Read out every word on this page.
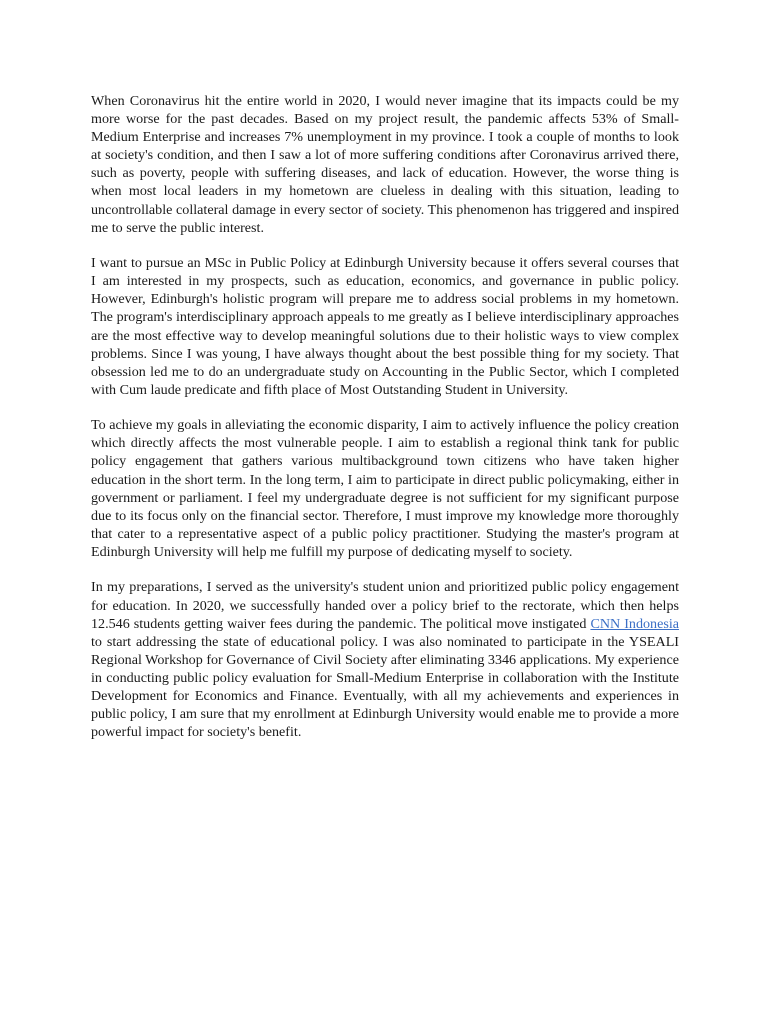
When Coronavirus hit the entire world in 2020, I would never imagine that its impacts could be my more worse for the past decades. Based on my project result, the pandemic affects 53% of Small-Medium Enterprise and increases 7% unemployment in my province. I took a couple of months to look at society's condition, and then I saw a lot of more suffering conditions after Coronavirus arrived there, such as poverty, people with suffering diseases, and lack of education. However, the worse thing is when most local leaders in my hometown are clueless in dealing with this situation, leading to uncontrollable collateral damage in every sector of society. This phenomenon has triggered and inspired me to serve the public interest.

I want to pursue an MSc in Public Policy at Edinburgh University because it offers several courses that I am interested in my prospects, such as education, economics, and governance in public policy. However, Edinburgh's holistic program will prepare me to address social problems in my hometown. The program's interdisciplinary approach appeals to me greatly as I believe interdisciplinary approaches are the most effective way to develop meaningful solutions due to their holistic ways to view complex problems. Since I was young, I have always thought about the best possible thing for my society. That obsession led me to do an undergraduate study on Accounting in the Public Sector, which I completed with Cum laude predicate and fifth place of Most Outstanding Student in University.

To achieve my goals in alleviating the economic disparity, I aim to actively influence the policy creation which directly affects the most vulnerable people. I aim to establish a regional think tank for public policy engagement that gathers various multibackground town citizens who have taken higher education in the short term. In the long term, I aim to participate in direct public policymaking, either in government or parliament. I feel my undergraduate degree is not sufficient for my significant purpose due to its focus only on the financial sector. Therefore, I must improve my knowledge more thoroughly that cater to a representative aspect of a public policy practitioner. Studying the master's program at Edinburgh University will help me fulfill my purpose of dedicating myself to society.

In my preparations, I served as the university's student union and prioritized public policy engagement for education. In 2020, we successfully handed over a policy brief to the rectorate, which then helps 12.546 students getting waiver fees during the pandemic. The political move instigated CNN Indonesia to start addressing the state of educational policy. I was also nominated to participate in the YSEALI Regional Workshop for Governance of Civil Society after eliminating 3346 applications. My experience in conducting public policy evaluation for Small-Medium Enterprise in collaboration with the Institute Development for Economics and Finance. Eventually, with all my achievements and experiences in public policy, I am sure that my enrollment at Edinburgh University would enable me to provide a more powerful impact for society's benefit.
